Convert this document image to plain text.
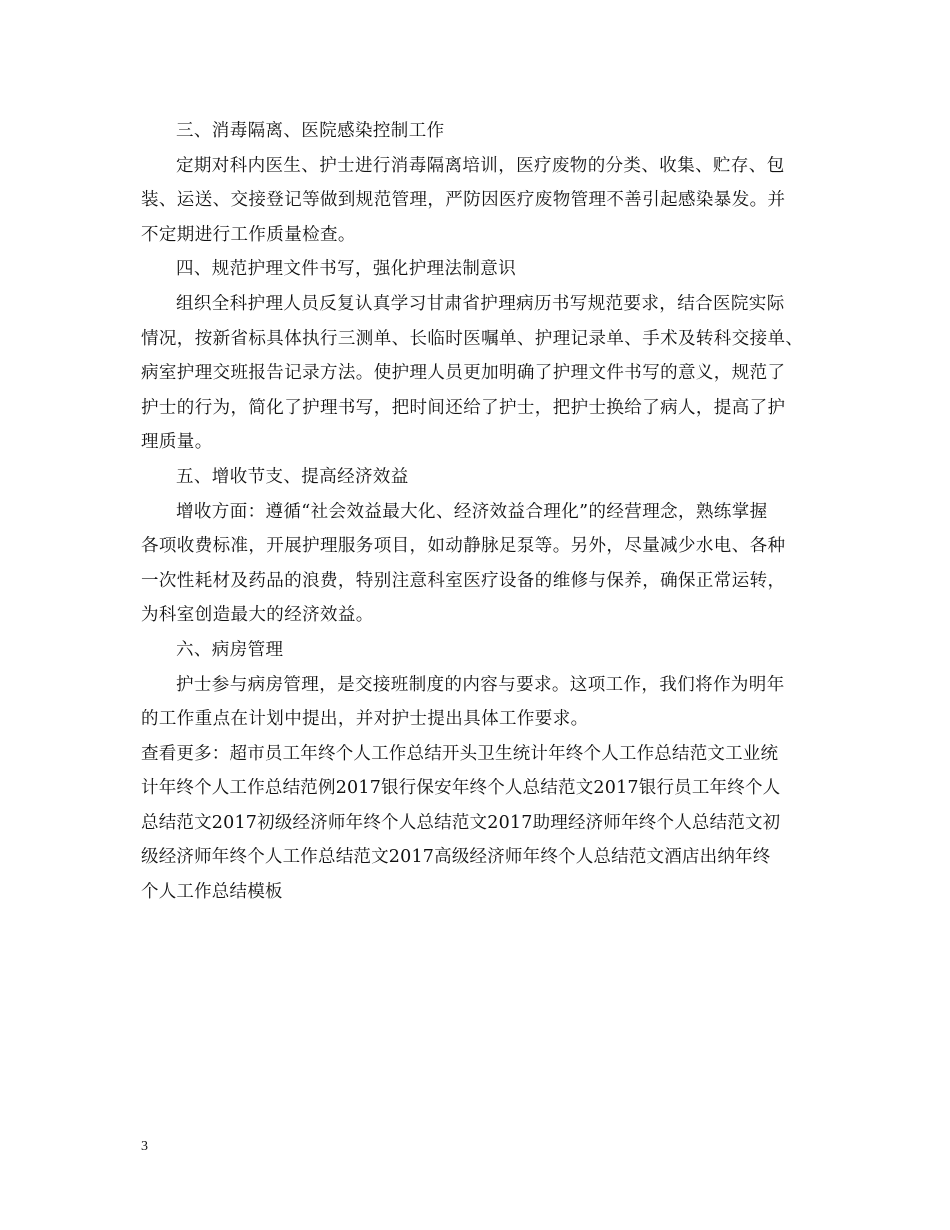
三、消毒隔离、医院感染控制工作
定期对科内医生、护士进行消毒隔离培训，医疗废物的分类、收集、贮存、包
装、运送、交接登记等做到规范管理，严防因医疗废物管理不善引起感染暴发。并
不定期进行工作质量检查。
四、规范护理文件书写，强化护理法制意识
组织全科护理人员反复认真学习甘肃省护理病历书写规范要求，结合医院实际
情况，按新省标具体执行三测单、长临时医嘱单、护理记录单、手术及转科交接单、
病室护理交班报告记录方法。使护理人员更加明确了护理文件书写的意义，规范了
护士的行为，简化了护理书写，把时间还给了护士，把护士换给了病人，提高了护
理质量。
五、增收节支、提高经济效益
增收方面：遵循“社会效益最大化、经济效益合理化”的经营理念，熟练掌握
各项收费标准，开展护理服务项目，如动静脉足泵等。另外，尽量减少水电、各种
一次性耗材及药品的浪费，特别注意科室医疗设备的维修与保养，确保正常运转，
为科室创造最大的经济效益。
六、病房管理
护士参与病房管理，是交接班制度的内容与要求。这项工作，我们将作为明年
的工作重点在计划中提出，并对护士提出具体工作要求。
查看更多：超市员工年终个人工作总结开头卫生统计年终个人工作总结范文工业统
计年终个人工作总结范例2017银行保安年终个人总结范文2017银行员工年终个人
总结范文2017初级经济师年终个人总结范文2017助理经济师年终个人总结范文初
级经济师年终个人工作总结范文2017高级经济师年终个人总结范文酒店出纳年终
个人工作总结模板
3
